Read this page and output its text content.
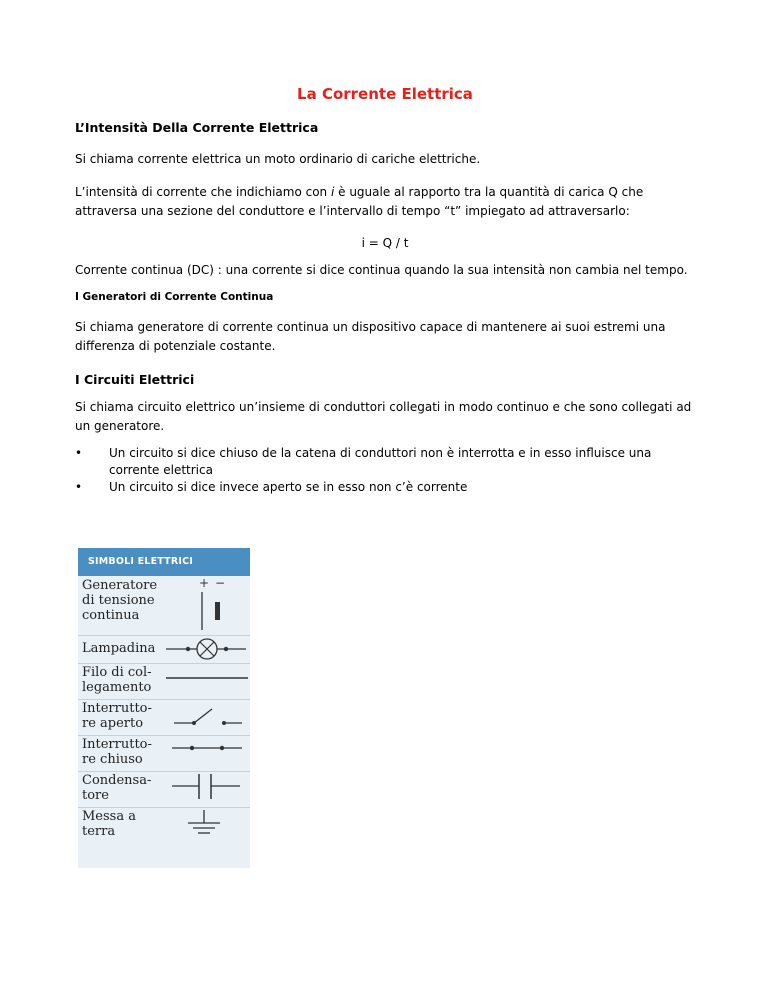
La Corrente Elettrica
L’Intensità Della Corrente Elettrica
Si chiama corrente elettrica un moto ordinario di cariche elettriche.
L’intensità di corrente che indichiamo con i è uguale al rapporto tra la quantità di carica Q che attraversa una sezione del conduttore e l’intervallo di tempo “t” impiegato ad attraversarlo:
i = Q / t
Corrente continua (DC) : una corrente si dice continua quando la sua intensità non cambia nel tempo.
I Generatori di Corrente Continua
Si chiama generatore di corrente continua un dispositivo capace di mantenere ai suoi estremi una differenza di potenziale costante.
I Circuiti Elettrici
Si chiama circuito elettrico un’insieme di conduttori collegati in modo continuo e che sono collegati ad un generatore.
• Un circuito si dice chiuso de la catena di conduttori non è interrotta e in esso influisce una corrente elettrica
• Un circuito si dice invece aperto se in esso non c’è corrente
SIMBOLI ELETTRICI
Generatore
di tensione
continua
+ −
Lampadina
Filo di col-
legamento
Interrutto-
re aperto
Interrutto-
re chiuso
Condensa-
tore
Messa a
terra
